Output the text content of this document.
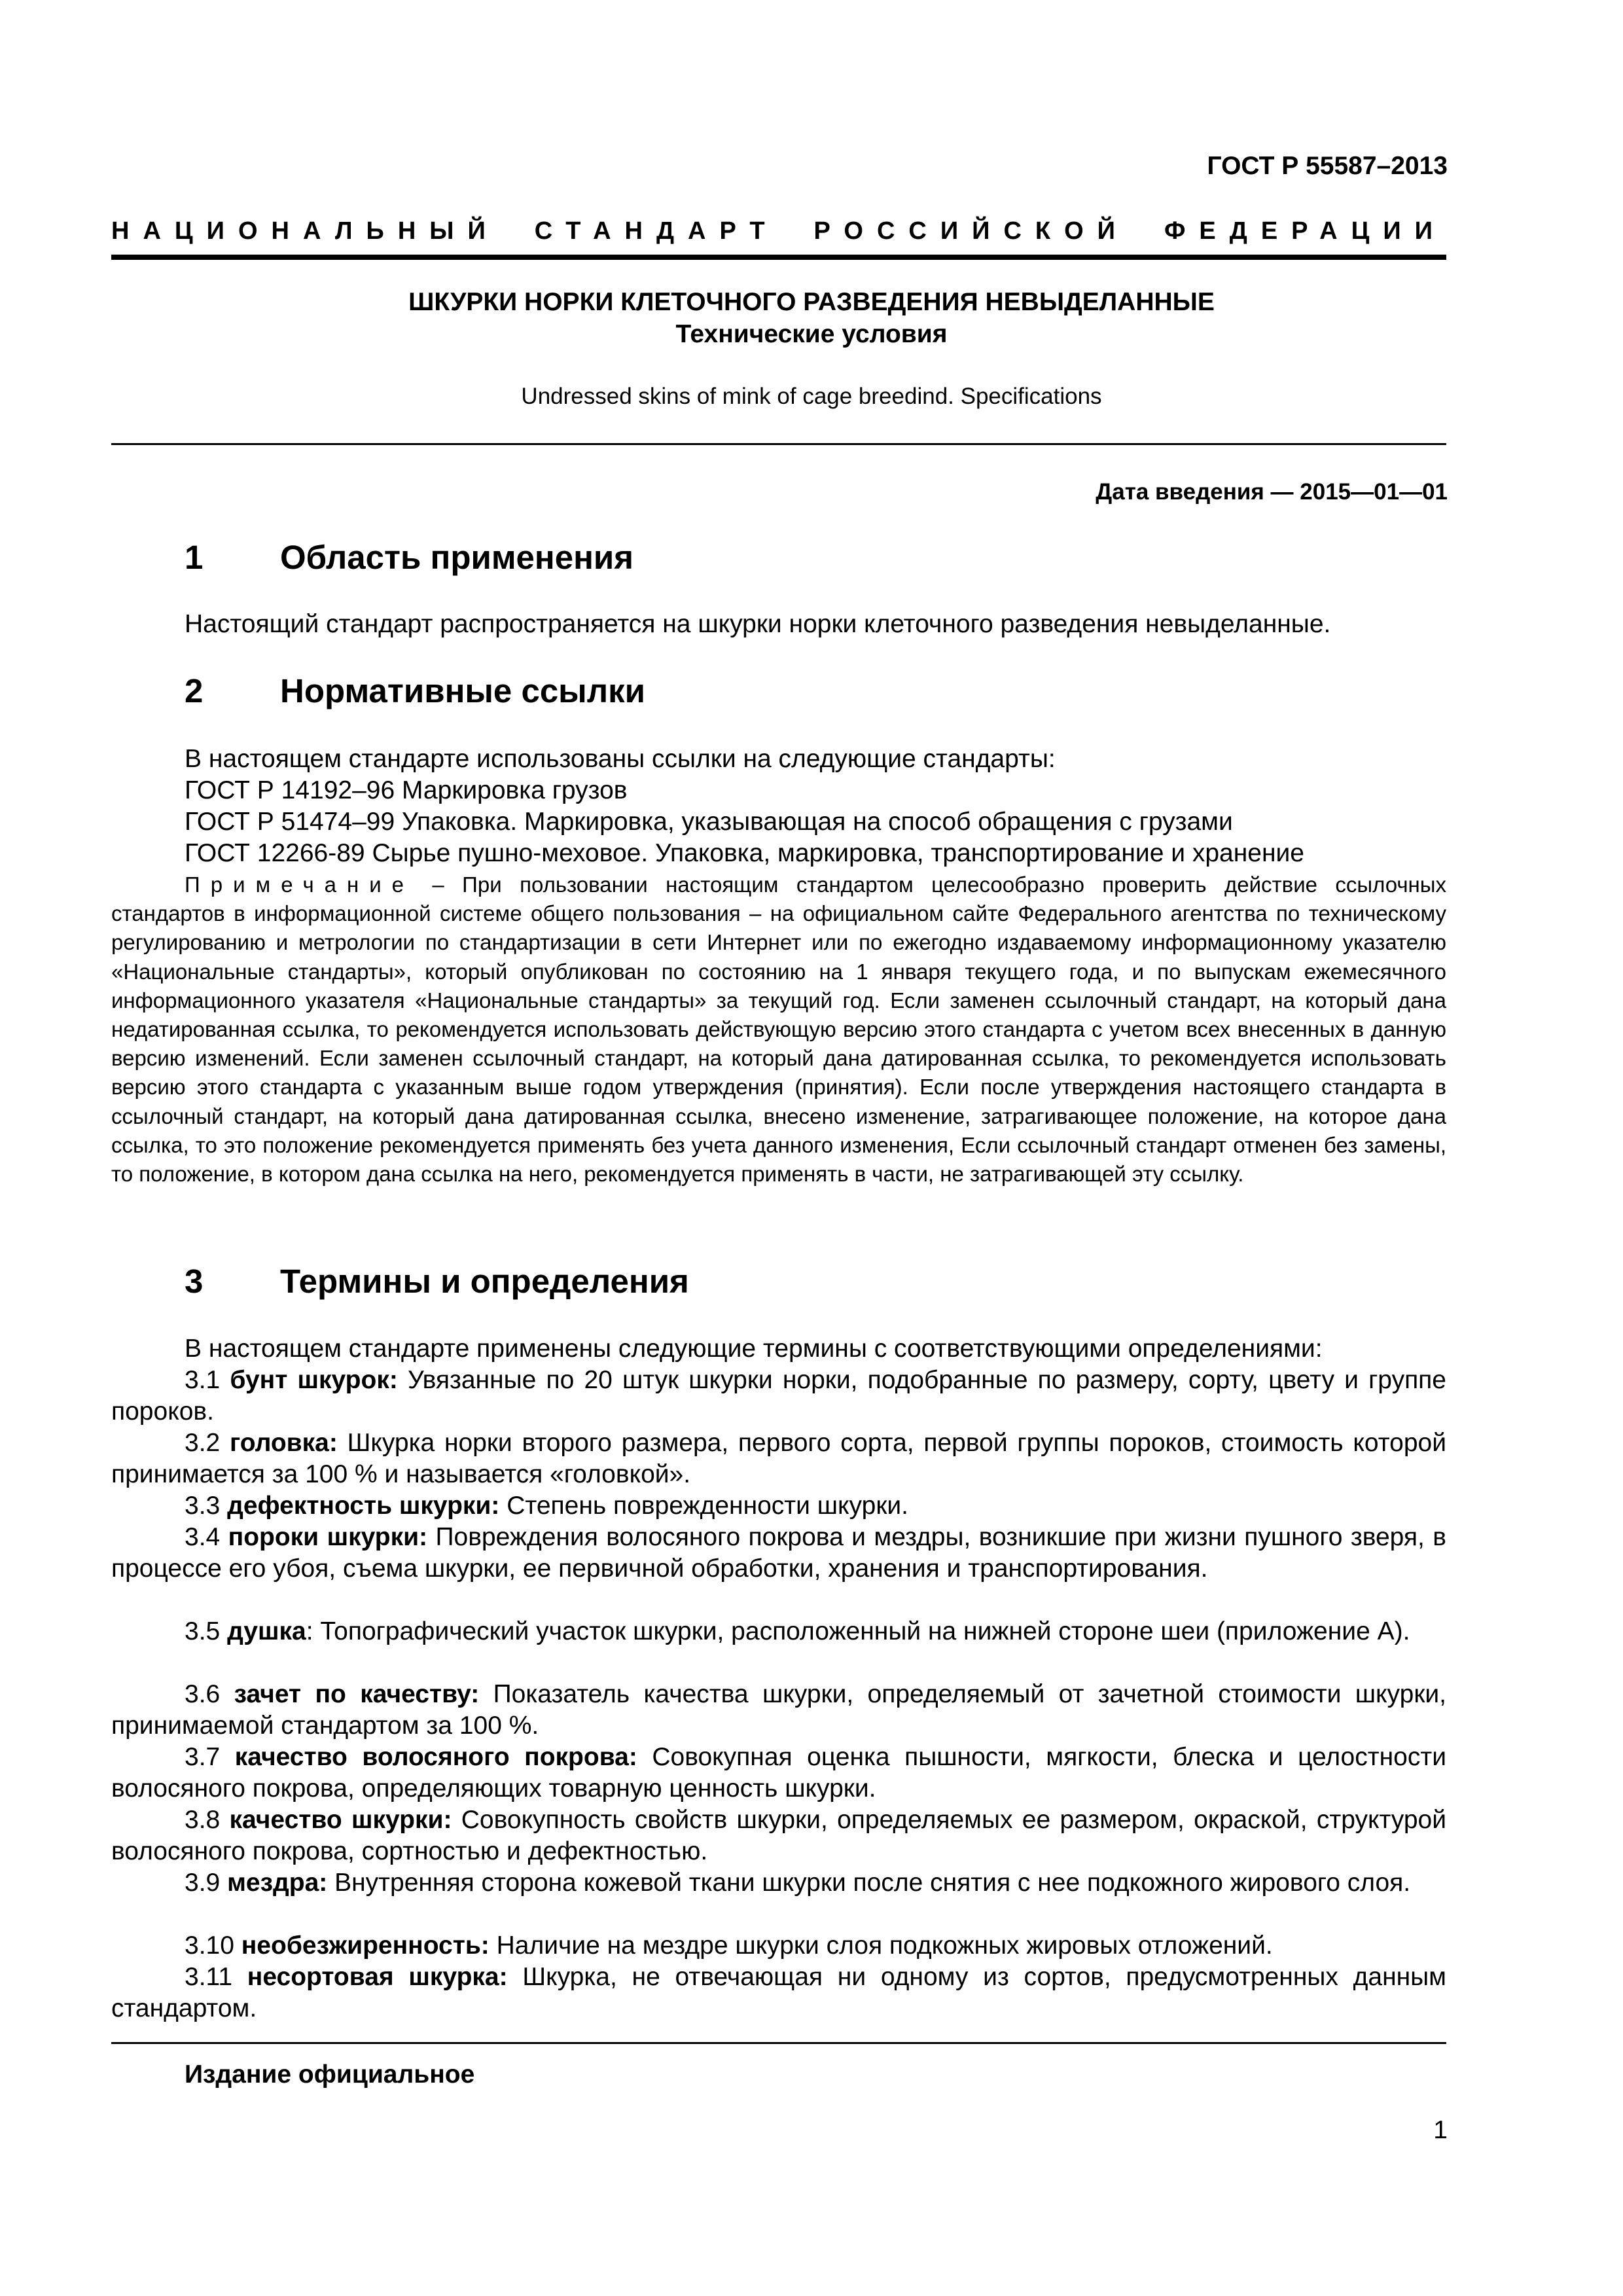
ГОСТ Р 55587–2013
НАЦИОНАЛЬНЫЙ СТАНДАРТ РОССИЙСКОЙ ФЕДЕРАЦИИ
ШКУРКИ НОРКИ КЛЕТОЧНОГО РАЗВЕДЕНИЯ НЕВЫДЕЛАННЫЕ
Технические условия
Undressed skins of mink of cage breedind. Specifications
Дата введения — 2015—01—01
1 Область применения
Настоящий стандарт распространяется на шкурки норки клеточного разведения невыделанные.
2 Нормативные ссылки
В настоящем стандарте использованы ссылки на следующие стандарты:
ГОСТ Р 14192–96 Маркировка грузов
ГОСТ Р 51474–99 Упаковка. Маркировка, указывающая на способ обращения с грузами
ГОСТ 12266-89 Сырье пушно-меховое. Упаковка, маркировка, транспортирование и хранение
Примечание – При пользовании настоящим стандартом целесообразно проверить действие ссылочных стандартов в информационной системе общего пользования – на официальном сайте Федерального агентства по техническому регулированию и метрологии по стандартизации в сети Интернет или по ежегодно издаваемому информационному указателю «Национальные стандарты», который опубликован по состоянию на 1 января текущего года, и по выпускам ежемесячного информационного указателя «Национальные стандарты» за текущий год. Если заменен ссылочный стандарт, на который дана недатированная ссылка, то рекомендуется использовать действующую версию этого стандарта с учетом всех внесенных в данную версию изменений. Если заменен ссылочный стандарт, на который дана датированная ссылка, то рекомендуется использовать версию этого стандарта с указанным выше годом утверждения (принятия). Если после утверждения настоящего стандарта в ссылочный стандарт, на который дана датированная ссылка, внесено изменение, затрагивающее положение, на которое дана ссылка, то это положение рекомендуется применять без учета данного изменения, Если ссылочный стандарт отменен без замены, то положение, в котором дана ссылка на него, рекомендуется применять в части, не затрагивающей эту ссылку.
3 Термины и определения
В настоящем стандарте применены следующие термины с соответствующими определениями:
3.1 бунт шкурок: Увязанные по 20 штук шкурки норки, подобранные по размеру, сорту, цвету и группе пороков.
3.2 головка: Шкурка норки второго размера, первого сорта, первой группы пороков, стоимость которой принимается за 100 % и называется «головкой».
3.3 дефектность шкурки: Степень поврежденности шкурки.
3.4 пороки шкурки: Повреждения волосяного покрова и мездры, возникшие при жизни пушного зверя, в процессе его убоя, съема шкурки, ее первичной обработки, хранения и транспортирования.
3.5 душка: Топографический участок шкурки, расположенный на нижней стороне шеи (приложение А).
3.6 зачет по качеству: Показатель качества шкурки, определяемый от зачетной стоимости шкурки, принимаемой стандартом за 100 %.
3.7 качество волосяного покрова: Совокупная оценка пышности, мягкости, блеска и целостности волосяного покрова, определяющих товарную ценность шкурки.
3.8 качество шкурки: Совокупность свойств шкурки, определяемых ее размером, окраской, структурой волосяного покрова, сортностью и дефектностью.
3.9 мездра: Внутренняя сторона кожевой ткани шкурки после снятия с нее подкожного жирового слоя.
3.10 необезжиренность: Наличие на мездре шкурки слоя подкожных жировых отложений.
3.11 несортовая шкурка: Шкурка, не отвечающая ни одному из сортов, предусмотренных данным стандартом.
Издание официальное
1
